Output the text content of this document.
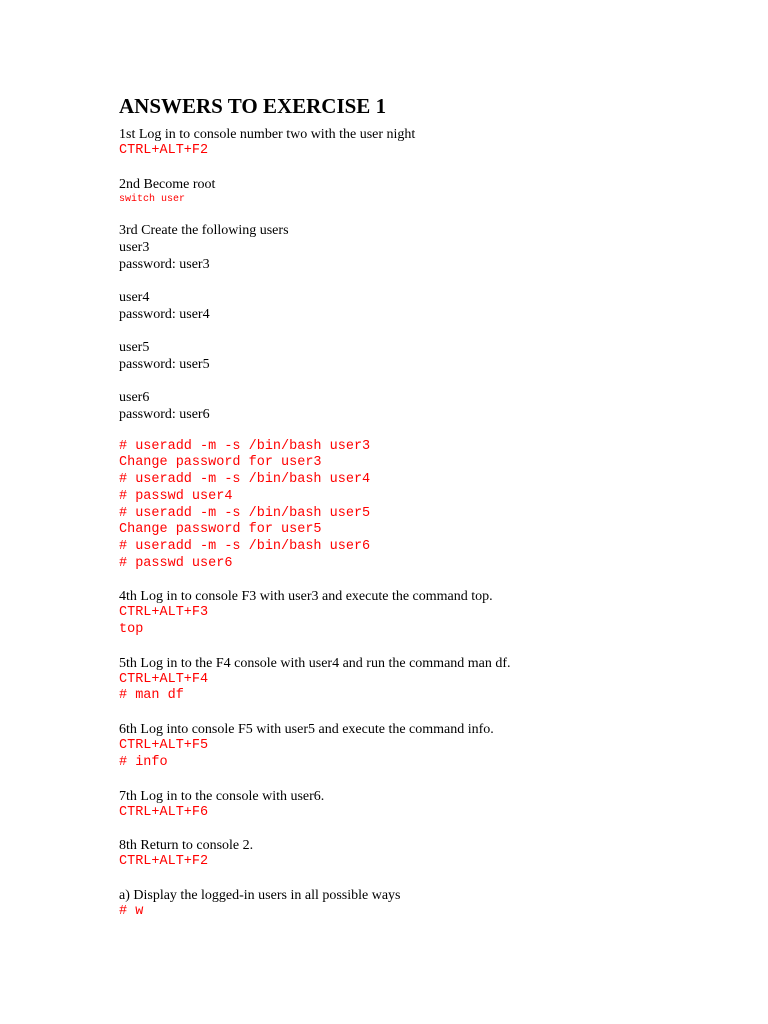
ANSWERS TO EXERCISE 1
1st Log in to console number two with the user night
CTRL+ALT+F2
2nd Become root
switch user
3rd Create the following users
user3
password: user3
user4
password: user4
user5
password: user5
user6
password: user6
# useradd -m -s /bin/bash user3
Change password for user3
# useradd -m -s /bin/bash user4
# passwd user4
# useradd -m -s /bin/bash user5
Change password for user5
# useradd -m -s /bin/bash user6
# passwd user6
4th Log in to console F3 with user3 and execute the command top.
CTRL+ALT+F3
top
5th Log in to the F4 console with user4 and run the command man df.
CTRL+ALT+F4
# man df
6th Log into console F5 with user5 and execute the command info.
CTRL+ALT+F5
# info
7th Log in to the console with user6.
CTRL+ALT+F6
8th Return to console 2.
CTRL+ALT+F2
a) Display the logged-in users in all possible ways
# w
